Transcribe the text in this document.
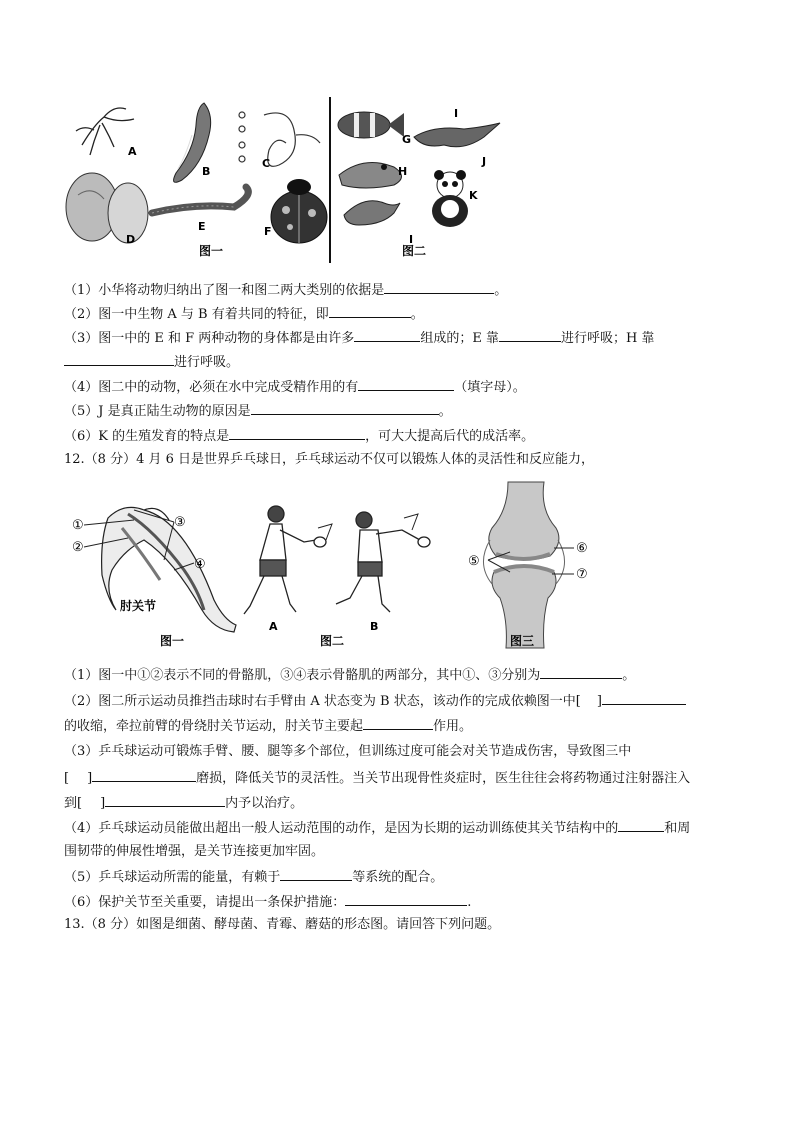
A
B
C
D
E	F
图一
G
I
J
H
I
K
图二
（1）小华将动物归纳出了图一和图二两大类别的依据是	。
（2）图一中生物 A 与 B 有着共同的特征，即	。
（3）图一中的 E 和 F 两种动物的身体都是由许多	组成的；E 靠	进行呼吸；H 靠
进行呼吸。
（4）图二中的动物，必须在水中完成受精作用的有	（填字母）。
（5）J 是真正陆生动物的原因是	。
（6）K 的生殖发育的特点是	，可大大提高后代的成活率。
12.（8 分）4 月 6 日是世界乒乓球日，乒乓球运动不仅可以锻炼人体的灵活性和反应能力，
①
②
③
④
肘关节
图一
A	B
图二
⑤
⑥
⑦
图三
（1）图一中①②表示不同的骨骼肌，③④表示骨骼肌的两部分，其中①、③分别为	。
（2）图二所示运动员推挡击球时右手臂由 A 状态变为 B 状态，该动作的完成依赖图一中[ ]
的收缩，牵拉前臂的骨绕肘关节运动，肘关节主要起	作用。
（3）乒乓球运动可锻炼手臂、腰、腿等多个部位，但训练过度可能会对关节造成伤害，导致图三中
[ ]	磨损，降低关节的灵活性。当关节出现骨性炎症时，医生往往会将药物通过注射器注入
到[ ]	内予以治疗。
（4）乒乓球运动员能做出超出一般人运动范围的动作，是因为长期的运动训练使其关节结构中的	和周
围韧带的伸展性增强，是关节连接更加牢固。
（5）乒乓球运动所需的能量，有赖于	等系统的配合。
（6）保护关节至关重要，请提出一条保护措施：	.
13.（8 分）如图是细菌、酵母菌、青霉、蘑菇的形态图。请回答下列问题。
